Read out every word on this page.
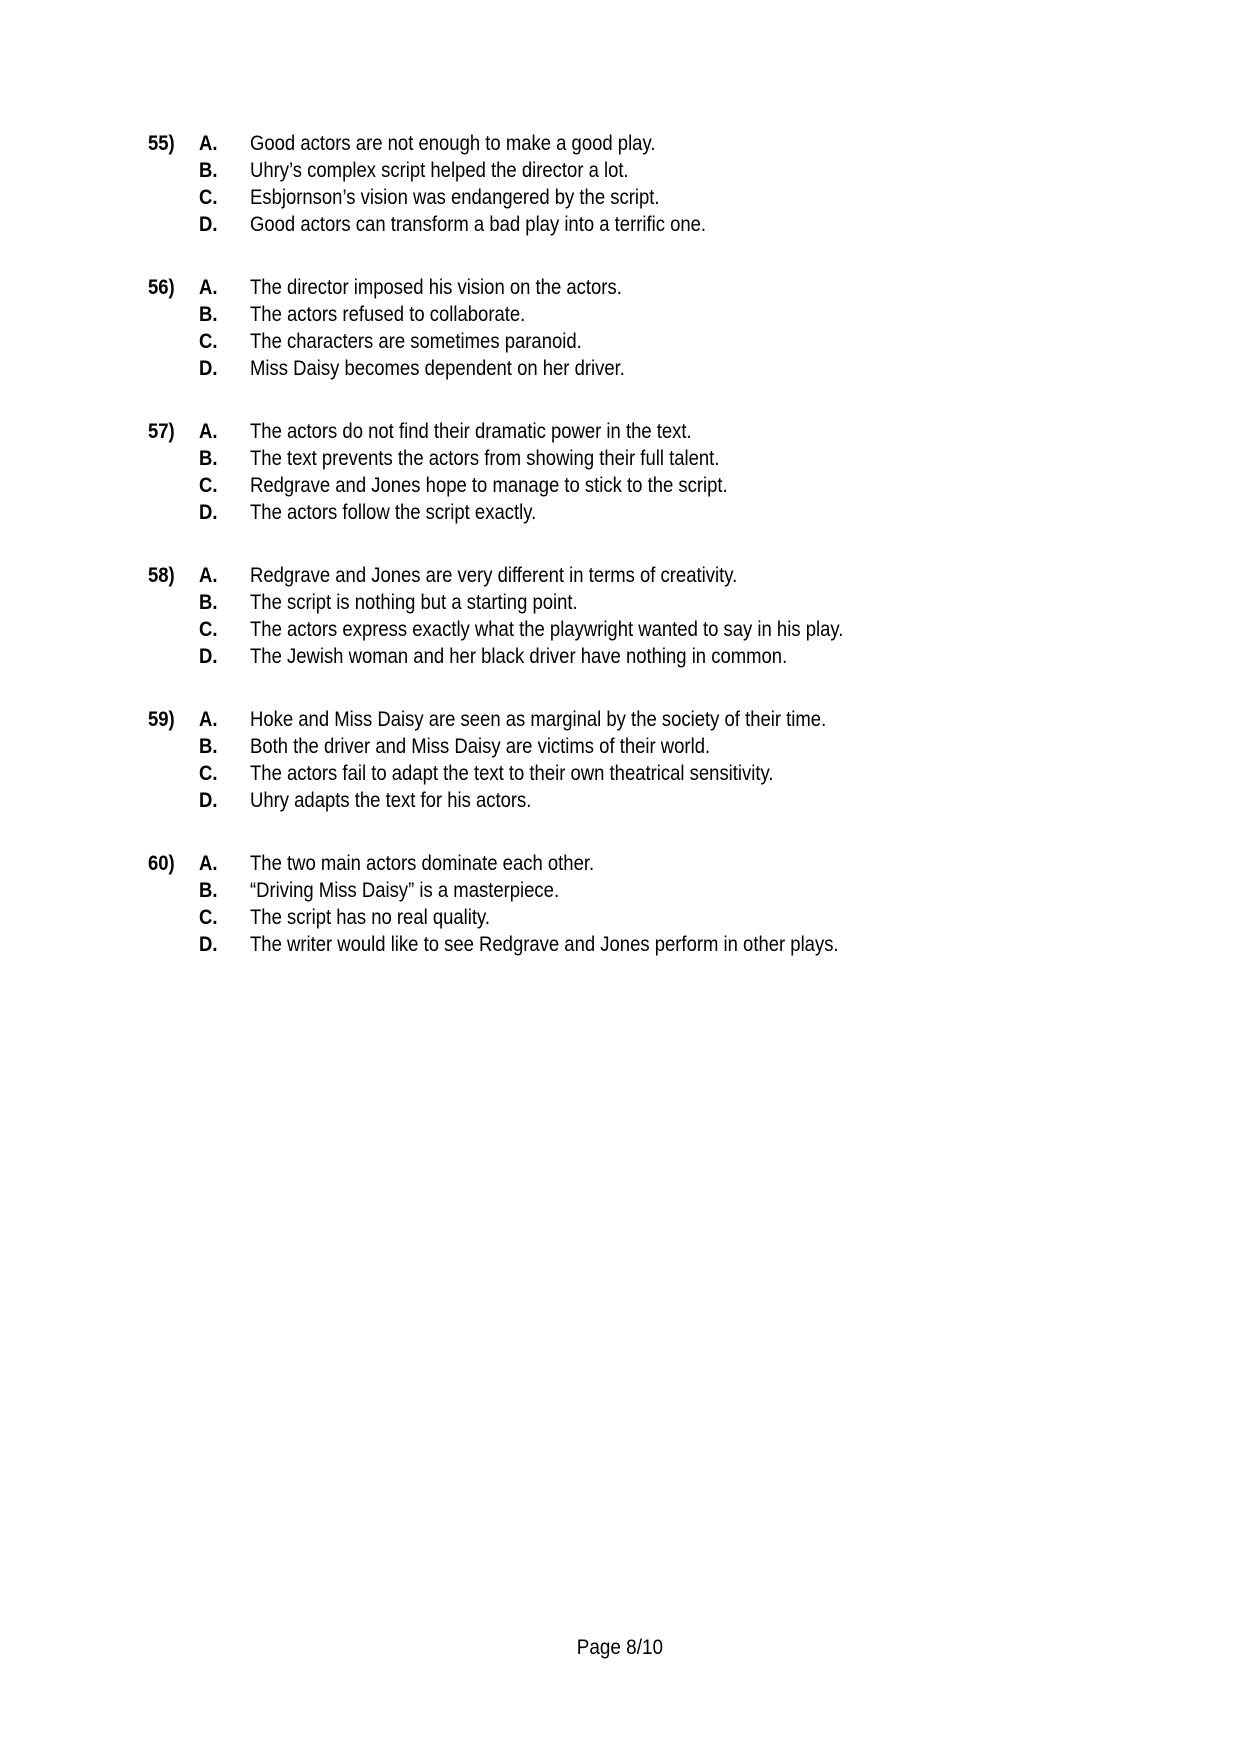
55) A. Good actors are not enough to make a good play.
B. Uhry’s complex script helped the director a lot.
C. Esbjornson’s vision was endangered by the script.
D. Good actors can transform a bad play into a terrific one.
56) A. The director imposed his vision on the actors.
B. The actors refused to collaborate.
C. The characters are sometimes paranoid.
D. Miss Daisy becomes dependent on her driver.
57) A. The actors do not find their dramatic power in the text.
B. The text prevents the actors from showing their full talent.
C. Redgrave and Jones hope to manage to stick to the script.
D. The actors follow the script exactly.
58) A. Redgrave and Jones are very different in terms of creativity.
B. The script is nothing but a starting point.
C. The actors express exactly what the playwright wanted to say in his play.
D. The Jewish woman and her black driver have nothing in common.
59) A. Hoke and Miss Daisy are seen as marginal by the society of their time.
B. Both the driver and Miss Daisy are victims of their world.
C. The actors fail to adapt the text to their own theatrical sensitivity.
D. Uhry adapts the text for his actors.
60) A. The two main actors dominate each other.
B. “Driving Miss Daisy” is a masterpiece.
C. The script has no real quality.
D. The writer would like to see Redgrave and Jones perform in other plays.
Page 8/10
